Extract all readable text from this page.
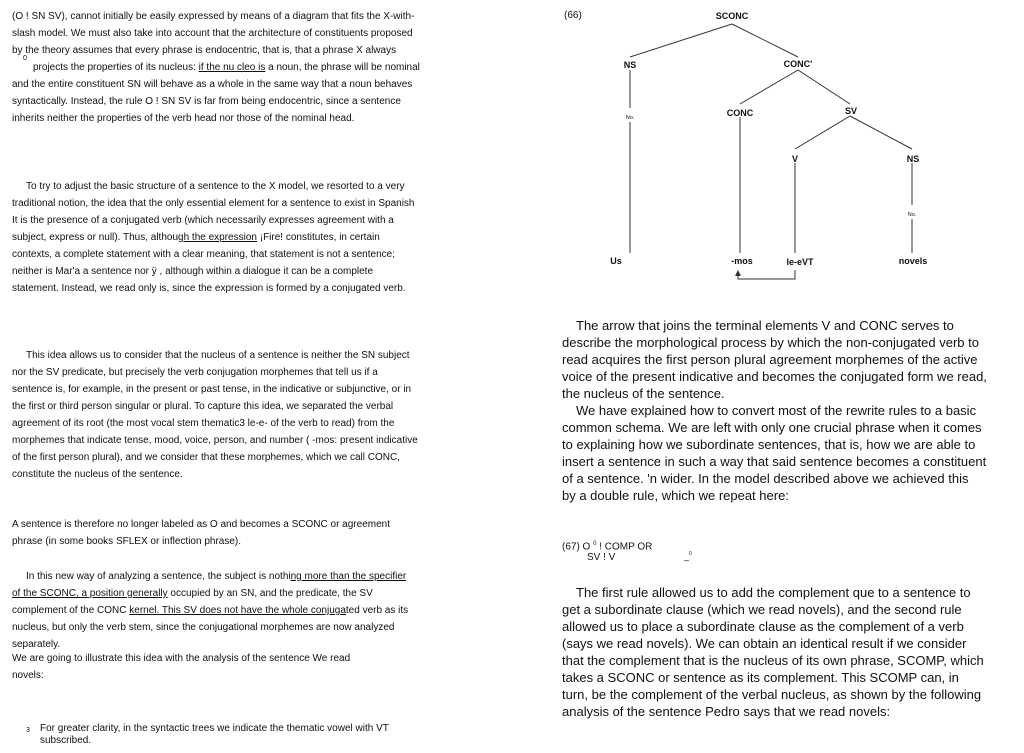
(O ! SN SV), cannot initially be easily expressed by means of a diagram that fits the X-with-

slash model. We must also take into account that the architecture of constituents proposed

by the theory assumes that every phrase is endocentric, that is, that a phrase X always

0

projects the properties of its nucleus: if the nu cleo is a noun, the phrase will be nominal

and the entire constituent SN will behave as a whole in the same way that a noun behaves

syntactically. Instead, the rule O ! SN SV is far from being endocentric, since a sentence

inherits neither the properties of the verb head nor those of the nominal head.

To try to adjust the basic structure of a sentence to the X model, we resorted to a very

traditional notion, the idea that the only essential element for a sentence to exist in Spanish

It is the presence of a conjugated verb (which necessarily expresses agreement with a

subject, express or null). Thus, although the expression ¡Fire! constitutes, in certain

contexts, a complete statement with a clear meaning, that statement is not a sentence;

neither is Mar'a a sentence nor ÿ , although within a dialogue it can be a complete

statement. Instead, we read only is, since the expression is formed by a conjugated verb.

This idea allows us to consider that the nucleus of a sentence is neither the SN subject

nor the SV predicate, but precisely the verb conjugation morphemes that tell us if a

sentence is, for example, in the present or past tense, in the indicative or subjunctive, or in

the first or third person singular or plural. To capture this idea, we separated the verbal

agreement of its root (the most vocal stem thematic3 le-e- of the verb to read) from the

morphemes that indicate tense, mood, voice, person, and number ( -mos: present indicative

of the first person plural), and we consider that these morphemes, which we call CONC,

constitute the nucleus of the sentence.

A sentence is therefore no longer labeled as O and becomes a SCONC or agreement

phrase (in some books SFLEX or inflection phrase).

In this new way of analyzing a sentence, the subject is nothing more than the specifier

of the SCONC, a position generally occupied by an SN, and the predicate, the SV

complement of the CONC kernel. This SV does not have the whole conjugated verb as its

nucleus, but only the verb stem, since the conjugational morphemes are now analyzed

separately.

We are going to illustrate this idea with the analysis of the sentence We read

novels:

3 For greater clarity, in the syntactic trees we indicate the thematic vowel with VT

subscribed.

(66)	SCONC
NS	CONC'
CONC	SV
V	NS
No.
No.
Us	-mos	le-eVT	novels

The arrow that joins the terminal elements V and CONC serves to

describe the morphological process by which the non-conjugated verb to

read acquires the first person plural agreement morphemes of the active

voice of the present indicative and becomes the conjugated form we read,

the nucleus of the sentence.

We have explained how to convert most of the rewrite rules to a basic

common schema. We are left with only one crucial phrase when it comes

to explaining how we subordinate sentences, that is, how we are able to

insert a sentence in such a way that said sentence becomes a constituent

of a sentence. 'n wider. In the model described above we achieved this

by a double rule, which we repeat here:

(67) O $^0$ ! COMP OR

SV ! V	_$^0$

The first rule allowed us to add the complement que to a sentence to

get a subordinate clause (which we read novels), and the second rule

allowed us to place a subordinate clause as the complement of a verb

(says we read novels). We can obtain an identical result if we consider

that the complement that is the nucleus of its own phrase, SCOMP, which

takes a SCONC or sentence as its complement. This SCOMP can, in

turn, be the complement of the verbal nucleus, as shown by the following

analysis of the sentence Pedro says that we read novels:
